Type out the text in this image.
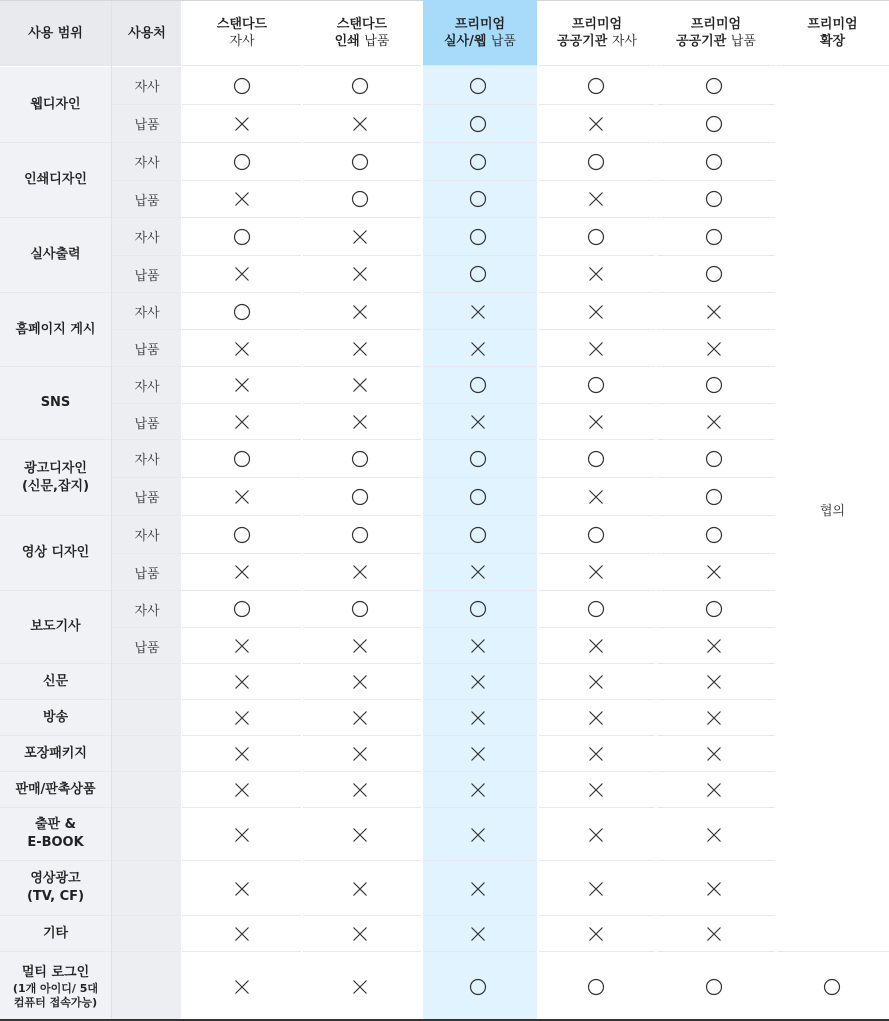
사용 범위	사용처
스탠다드
자사
스탠다드
인쇄 납품
프리미엄
실사/웹 납품
프리미엄
공공기관 자사
프리미엄
공공기관 납품
프리미엄
확장
웹디자인
자사
납품
인쇄디자인
자사
납품
실사출력
자사
납품
홈페이지 게시
자사
납품
SNS
자사
납품
광고디자인
(신문,잡지)
자사
납품
영상 디자인
자사
납품
보도기사
자사
납품
신문
방송
포장패키지
판매/판촉상품
출판 &
E-BOOK
영상광고
(TV, CF)
기타
멀티 로그인
(1개 아이디/ 5대
컴퓨터 접속가능)
협의
